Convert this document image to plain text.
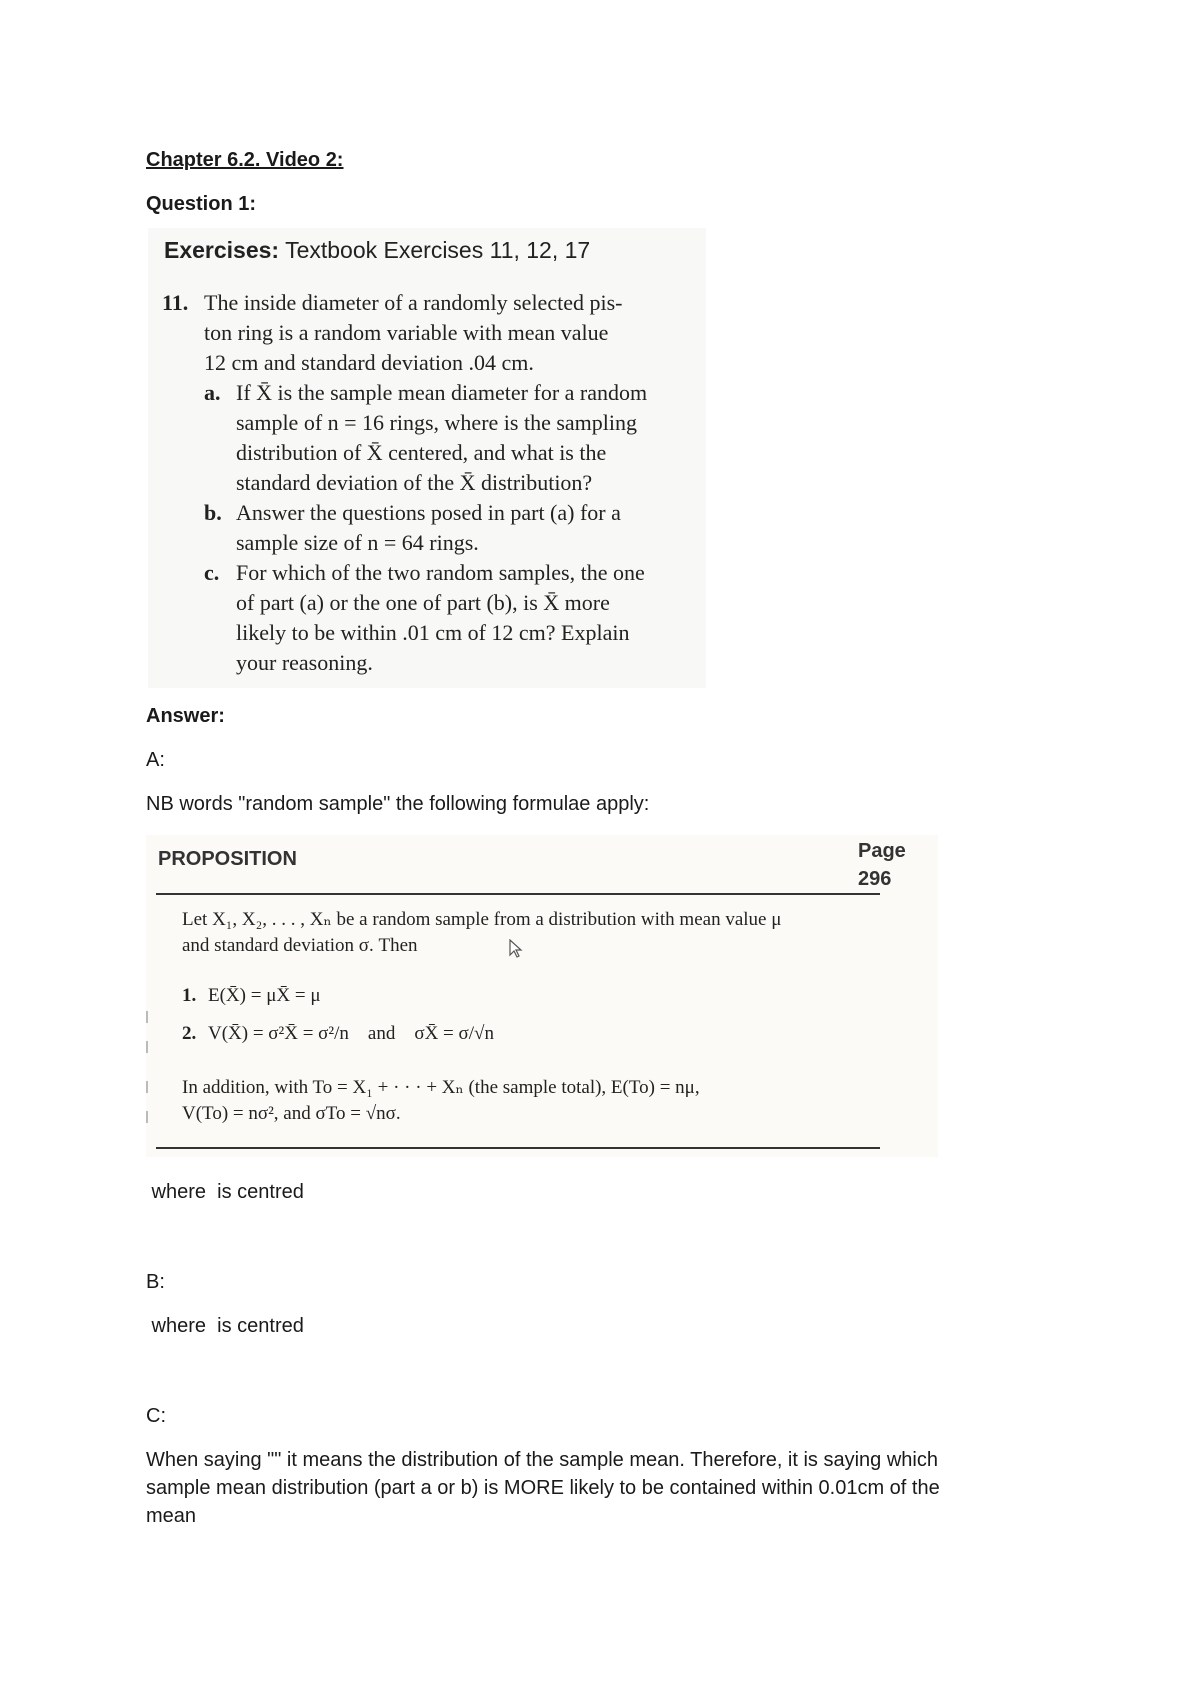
Chapter 6.2. Video 2:
Question 1:
Exercises: Textbook Exercises 11, 12, 17
11. The inside diameter of a randomly selected pis-
ton ring is a random variable with mean value
12 cm and standard deviation .04 cm.
a. If X̄ is the sample mean diameter for a random
sample of n = 16 rings, where is the sampling
distribution of X̄ centered, and what is the
standard deviation of the X̄ distribution?
b. Answer the questions posed in part (a) for a
sample size of n = 64 rings.
c. For which of the two random samples, the one
of part (a) or the one of part (b), is X̄ more
likely to be within .01 cm of 12 cm? Explain
your reasoning.
Answer:
A:
NB words "random sample" the following formulae apply:
PROPOSITION	Page 296
Let X₁, X₂, . . . , Xₙ be a random sample from a distribution with mean value μ
and standard deviation σ. Then
1. E(X̄) = μX̄ = μ
2. V(X̄) = σ²X̄ = σ²/n    and    σX̄ = σ/√n
In addition, with To = X₁ + · · · + Xₙ (the sample total), E(To) = nμ,
V(To) = nσ², and σTo = √nσ.
where  is centred
B:
where  is centred
C:
When saying "" it means the distribution of the sample mean. Therefore, it is saying which
sample mean distribution (part a or b) is MORE likely to be contained within 0.01cm of the
mean
